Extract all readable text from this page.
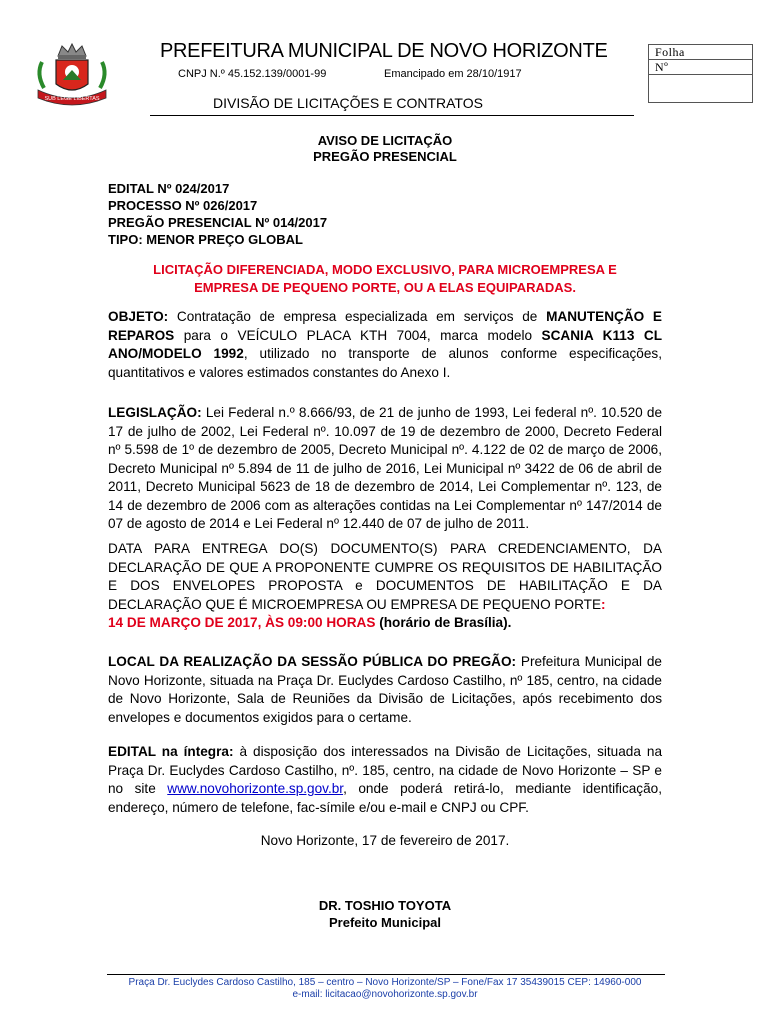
SUB LEGE LIBERTAS
PREFEITURA MUNICIPAL DE NOVO HORIZONTE
CNPJ N.º 45.152.139/0001-99	Emancipado em 28/10/1917
DIVISÃO DE LICITAÇÕES E CONTRATOS
Folha
Nº
AVISO DE LICITAÇÃO
PREGÃO PRESENCIAL
EDITAL Nº 024/2017
PROCESSO Nº 026/2017
PREGÃO PRESENCIAL Nº 014/2017
TIPO: MENOR PREÇO GLOBAL
LICITAÇÃO DIFERENCIADA, MODO EXCLUSIVO, PARA MICROEMPRESA E
EMPRESA DE PEQUENO PORTE, OU A ELAS EQUIPARADAS.
OBJETO: Contratação de empresa especializada em serviços de MANUTENÇÃO E REPAROS para o VEÍCULO PLACA KTH 7004, marca modelo SCANIA K113 CL ANO/MODELO 1992, utilizado no transporte de alunos conforme especificações, quantitativos e valores estimados constantes do Anexo I.
LEGISLAÇÃO: Lei Federal n.º 8.666/93, de 21 de junho de 1993, Lei federal nº. 10.520 de 17 de julho de 2002, Lei Federal nº. 10.097 de 19 de dezembro de 2000, Decreto Federal nº 5.598 de 1º de dezembro de 2005, Decreto Municipal nº. 4.122 de 02 de março de 2006, Decreto Municipal nº 5.894 de 11 de julho de 2016, Lei Municipal nº 3422 de 06 de abril de 2011, Decreto Municipal 5623 de 18 de dezembro de 2014, Lei Complementar nº. 123, de 14 de dezembro de 2006 com as alterações contidas na Lei Complementar nº 147/2014 de 07 de agosto de 2014 e Lei Federal nº 12.440 de 07 de julho de 2011.
DATA PARA ENTREGA DO(S) DOCUMENTO(S) PARA CREDENCIAMENTO, DA DECLARAÇÃO DE QUE A PROPONENTE CUMPRE OS REQUISITOS DE HABILITAÇÃO E DOS ENVELOPES PROPOSTA e DOCUMENTOS DE HABILITAÇÃO E DA DECLARAÇÃO QUE É MICROEMPRESA OU EMPRESA DE PEQUENO PORTE:
14 DE MARÇO DE 2017, ÀS 09:00 HORAS (horário de Brasília).
LOCAL DA REALIZAÇÃO DA SESSÃO PÚBLICA DO PREGÃO: Prefeitura Municipal de Novo Horizonte, situada na Praça Dr. Euclydes Cardoso Castilho, nº 185, centro, na cidade de Novo Horizonte, Sala de Reuniões da Divisão de Licitações, após recebimento dos envelopes e documentos exigidos para o certame.
EDITAL na íntegra: à disposição dos interessados na Divisão de Licitações, situada na Praça Dr. Euclydes Cardoso Castilho, nº. 185, centro, na cidade de Novo Horizonte – SP e no site www.novohorizonte.sp.gov.br, onde poderá retirá-lo, mediante identificação, endereço, número de telefone, fac-símile e/ou e-mail e CNPJ ou CPF.
Novo Horizonte, 17 de fevereiro de 2017.
DR. TOSHIO TOYOTA
Prefeito Municipal
Praça Dr. Euclydes Cardoso Castilho, 185 – centro – Novo Horizonte/SP – Fone/Fax 17 35439015 CEP: 14960-000
e-mail: licitacao@novohorizonte.sp.gov.br
